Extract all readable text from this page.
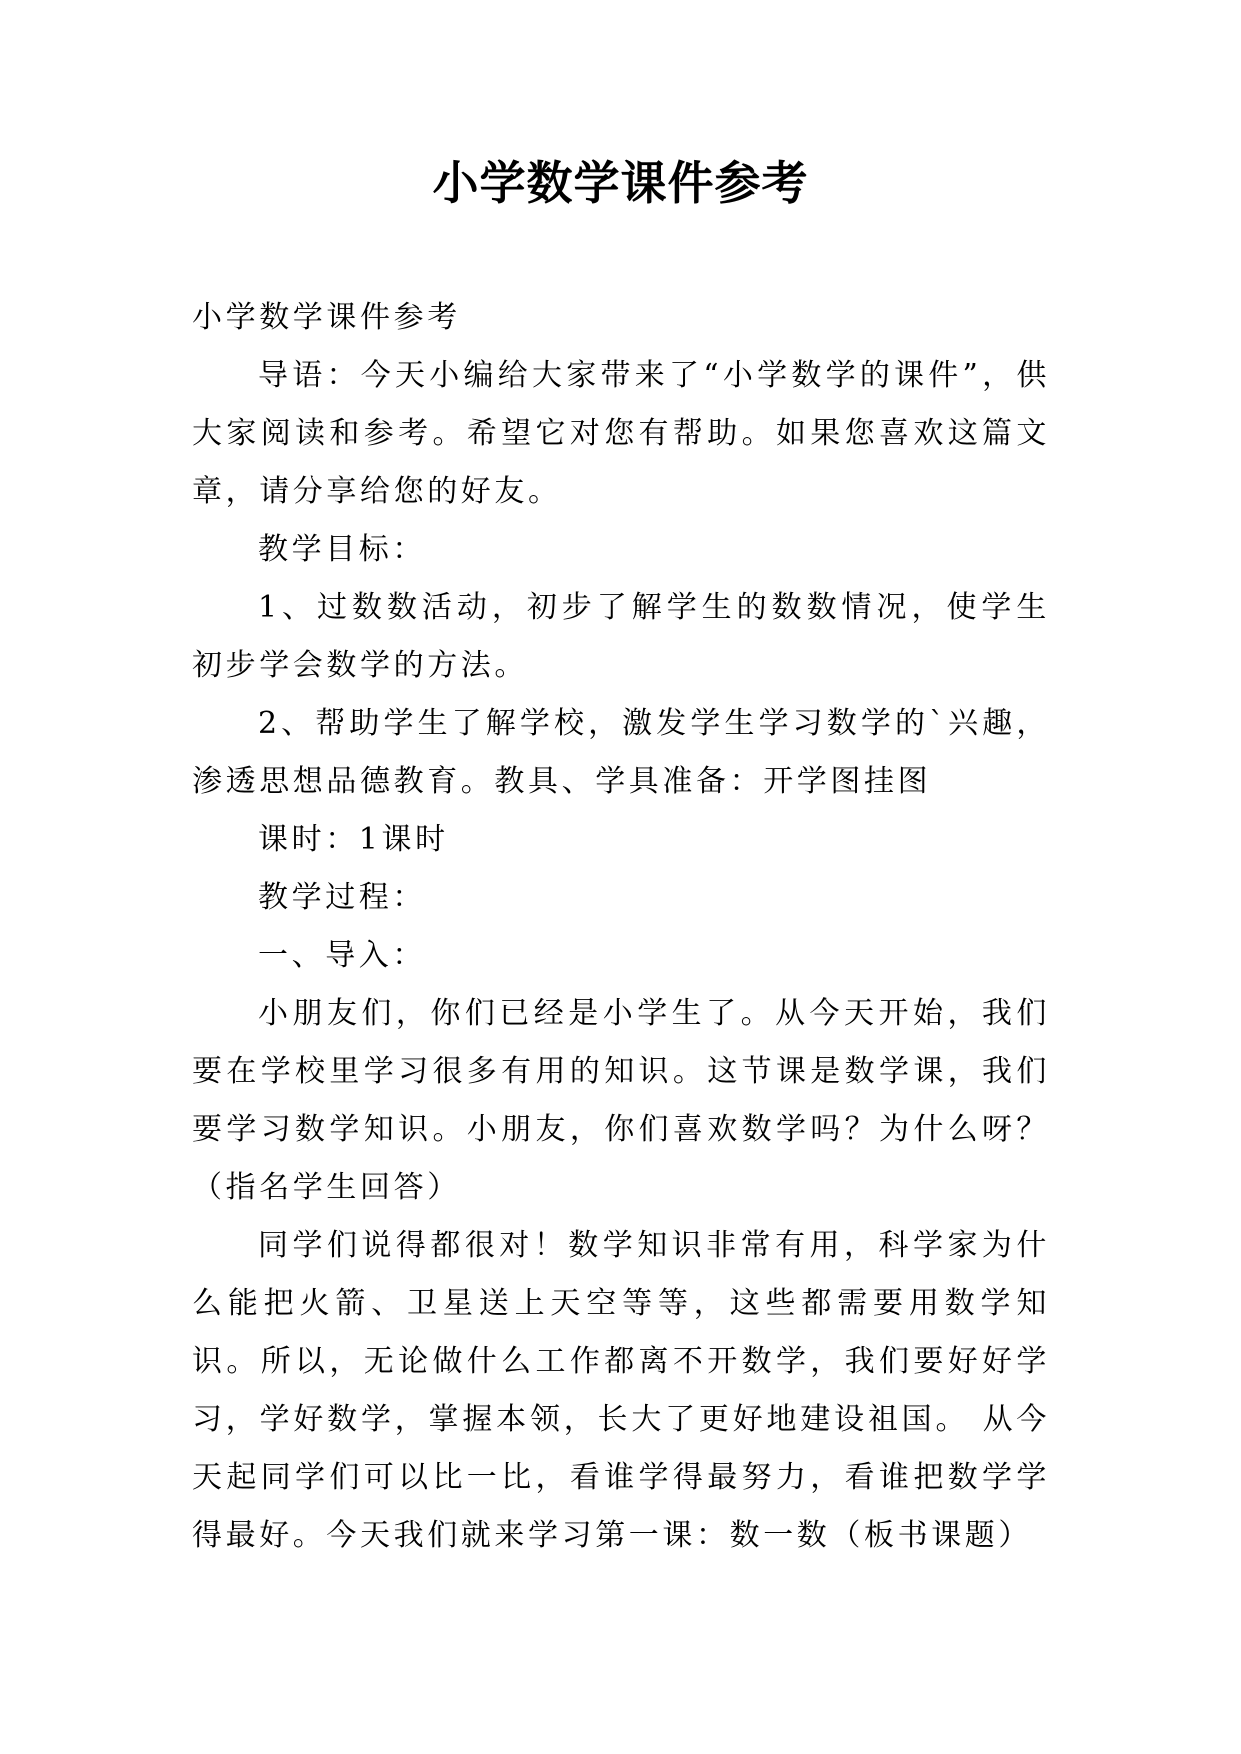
小学数学课件参考

小学数学课件参考

导语：今天小编给大家带来了“小学数学的课件”，供大家阅读和参考。希望它对您有帮助。如果您喜欢这篇文章，请分享给您的好友。

教学目标：

1、过数数活动，初步了解学生的数数情况，使学生初步学会数学的方法。

2、帮助学生了解学校，激发学生学习数学的`兴趣，渗透思想品德教育。教具、学具准备：开学图挂图

课时：1课时

教学过程：

一、导入：

小朋友们，你们已经是小学生了。从今天开始，我们要在学校里学习很多有用的知识。这节课是数学课，我们要学习数学知识。小朋友，你们喜欢数学吗？为什么呀？（指名学生回答）

同学们说得都很对！数学知识非常有用，科学家为什么能把火箭、卫星送上天空等等，这些都需要用数学知识。所以，无论做什么工作都离不开数学，我们要好好学习，学好数学，掌握本领，长大了更好地建设祖国。 从今天起同学们可以比一比，看谁学得最努力，看谁把数学学得最好。今天我们就来学习第一课：数一数（板书课题）
